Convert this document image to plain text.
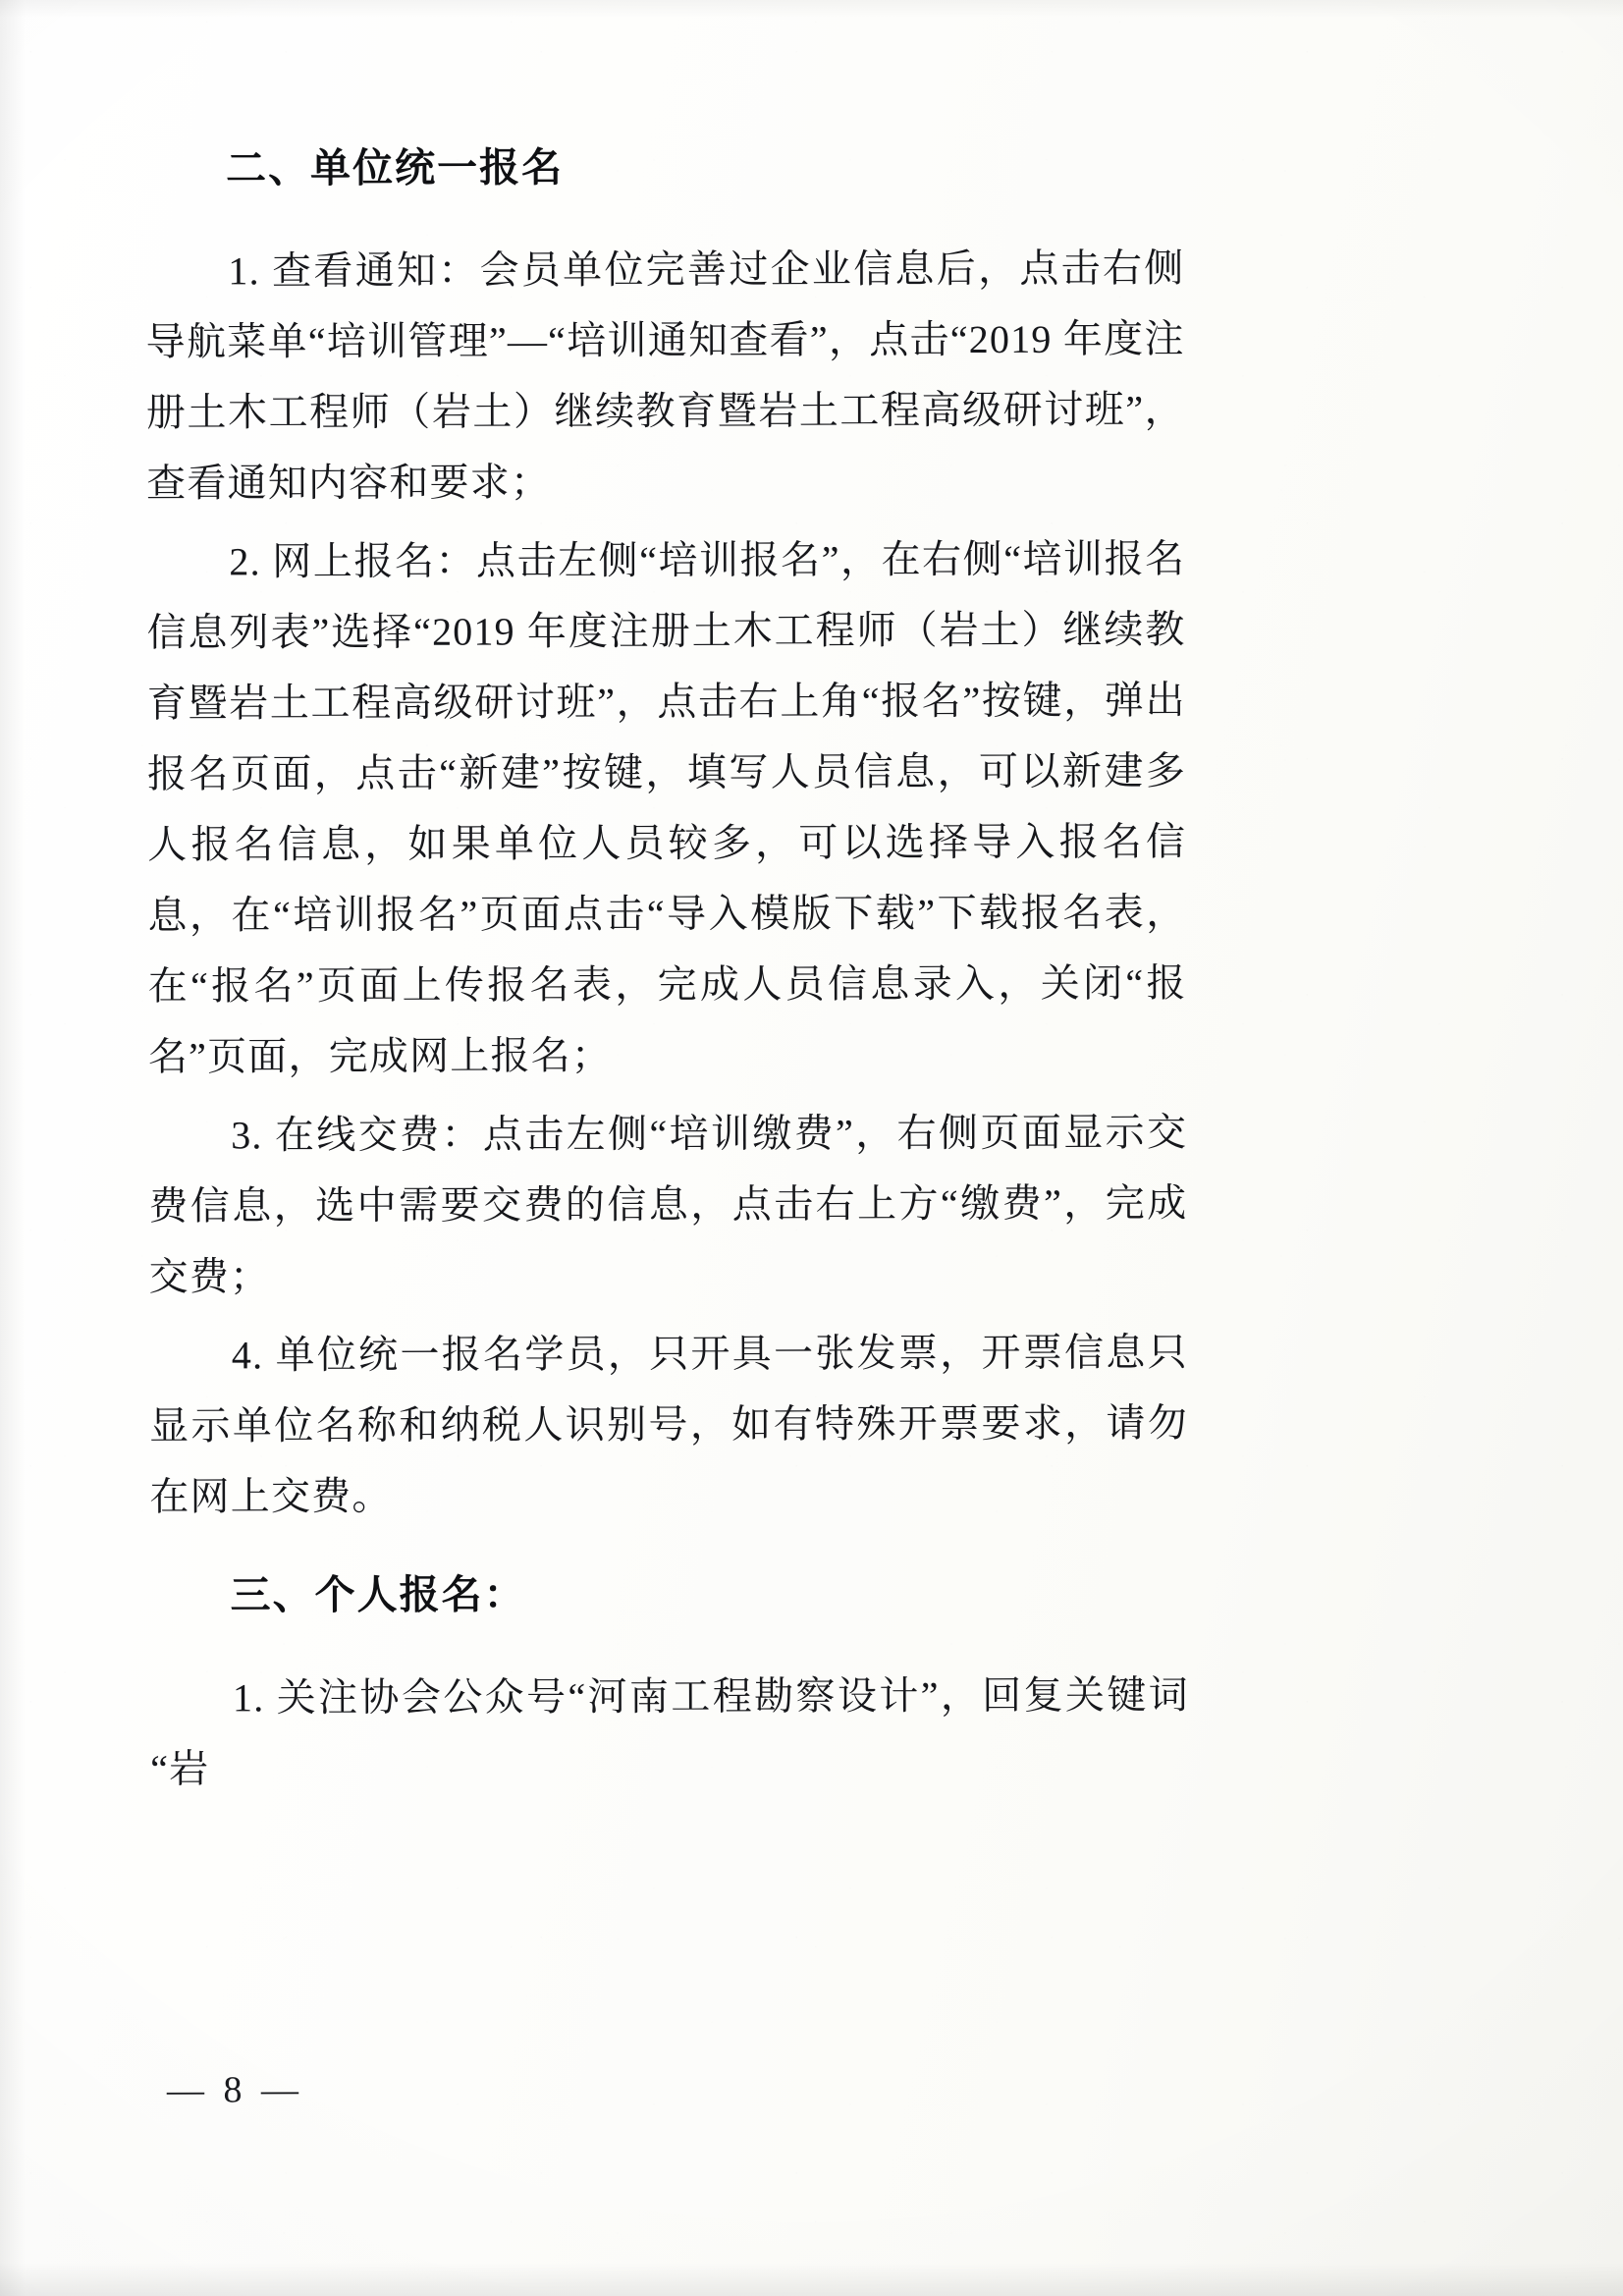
二、单位统一报名

1. 查看通知：会员单位完善过企业信息后，点击右侧导航菜单“培训管理”—“培训通知查看”，点击“2019 年度注册土木工程师（岩土）继续教育暨岩土工程高级研讨班”，查看通知内容和要求；

2. 网上报名：点击左侧“培训报名”，在右侧“培训报名信息列表”选择“2019 年度注册土木工程师（岩土）继续教育暨岩土工程高级研讨班”，点击右上角“报名”按键，弹出报名页面，点击“新建”按键，填写人员信息，可以新建多人报名信息，如果单位人员较多，可以选择导入报名信息，在“培训报名”页面点击“导入模版下载”下载报名表，在“报名”页面上传报名表，完成人员信息录入，关闭“报名”页面，完成网上报名；

3. 在线交费：点击左侧“培训缴费”，右侧页面显示交费信息，选中需要交费的信息，点击右上方“缴费”，完成交费；

4. 单位统一报名学员，只开具一张发票，开票信息只显示单位名称和纳税人识别号，如有特殊开票要求，请勿在网上交费。

三、个人报名：

1. 关注协会公众号“河南工程勘察设计”，回复关键词“岩

— 8 —
